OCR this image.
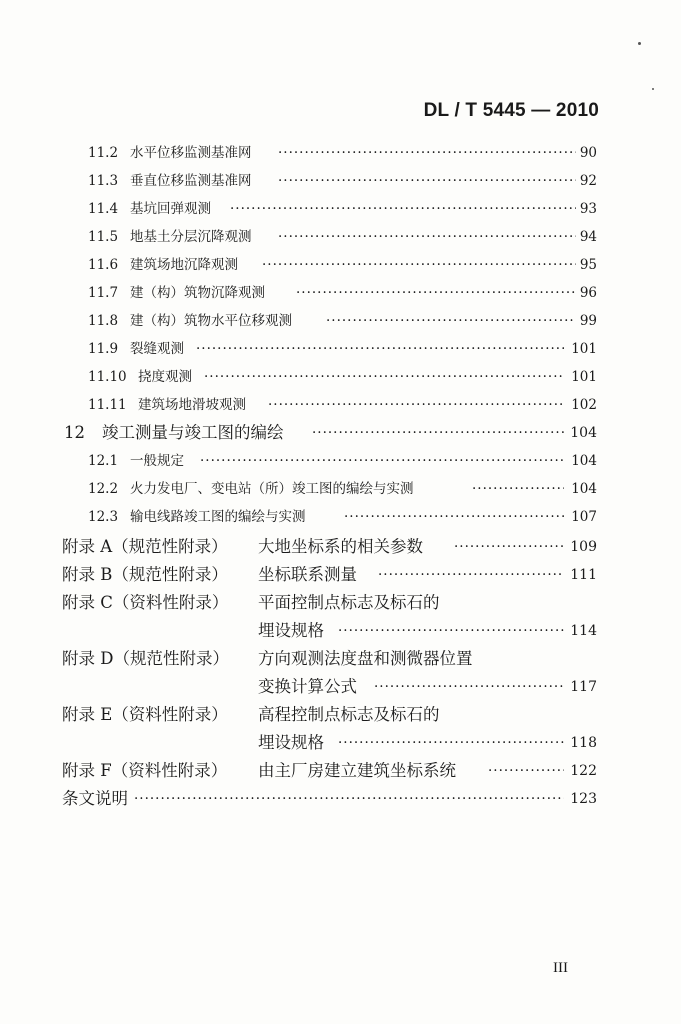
DL / T 5445 — 2010
11.2 水平位移监测基准网 ·····	90
11.3 垂直位移监测基准网 ·····	92
11.4 基坑回弹观测 ·····	93
11.5 地基土分层沉降观测 ·····	94
11.6 建筑场地沉降观测 ·····	95
11.7 建（构）筑物沉降观测 ·····	96
11.8 建（构）筑物水平位移观测 ·····	99
11.9 裂缝观测 ·····	101
11.10 挠度观测 ·····	101
11.11 建筑场地滑坡观测 ·····	102
12 竣工测量与竣工图的编绘 ·····	104
12.1 一般规定 ·····	104
12.2 火力发电厂、变电站（所）竣工图的编绘与实测 ·····	104
12.3 输电线路竣工图的编绘与实测 ·····	107
附录 A（规范性附录） 大地坐标系的相关参数 ·····	109
附录 B（规范性附录） 坐标联系测量 ·····	111
附录 C（资料性附录） 平面控制点标志及标石的
埋设规格 ·····	114
附录 D（规范性附录） 方向观测法度盘和测微器位置
变换计算公式 ·····	117
附录 E（资料性附录） 高程控制点标志及标石的
埋设规格 ·····	118
附录 F（资料性附录） 由主厂房建立建筑坐标系统 ·····	122
条文说明 ·····	123
III
